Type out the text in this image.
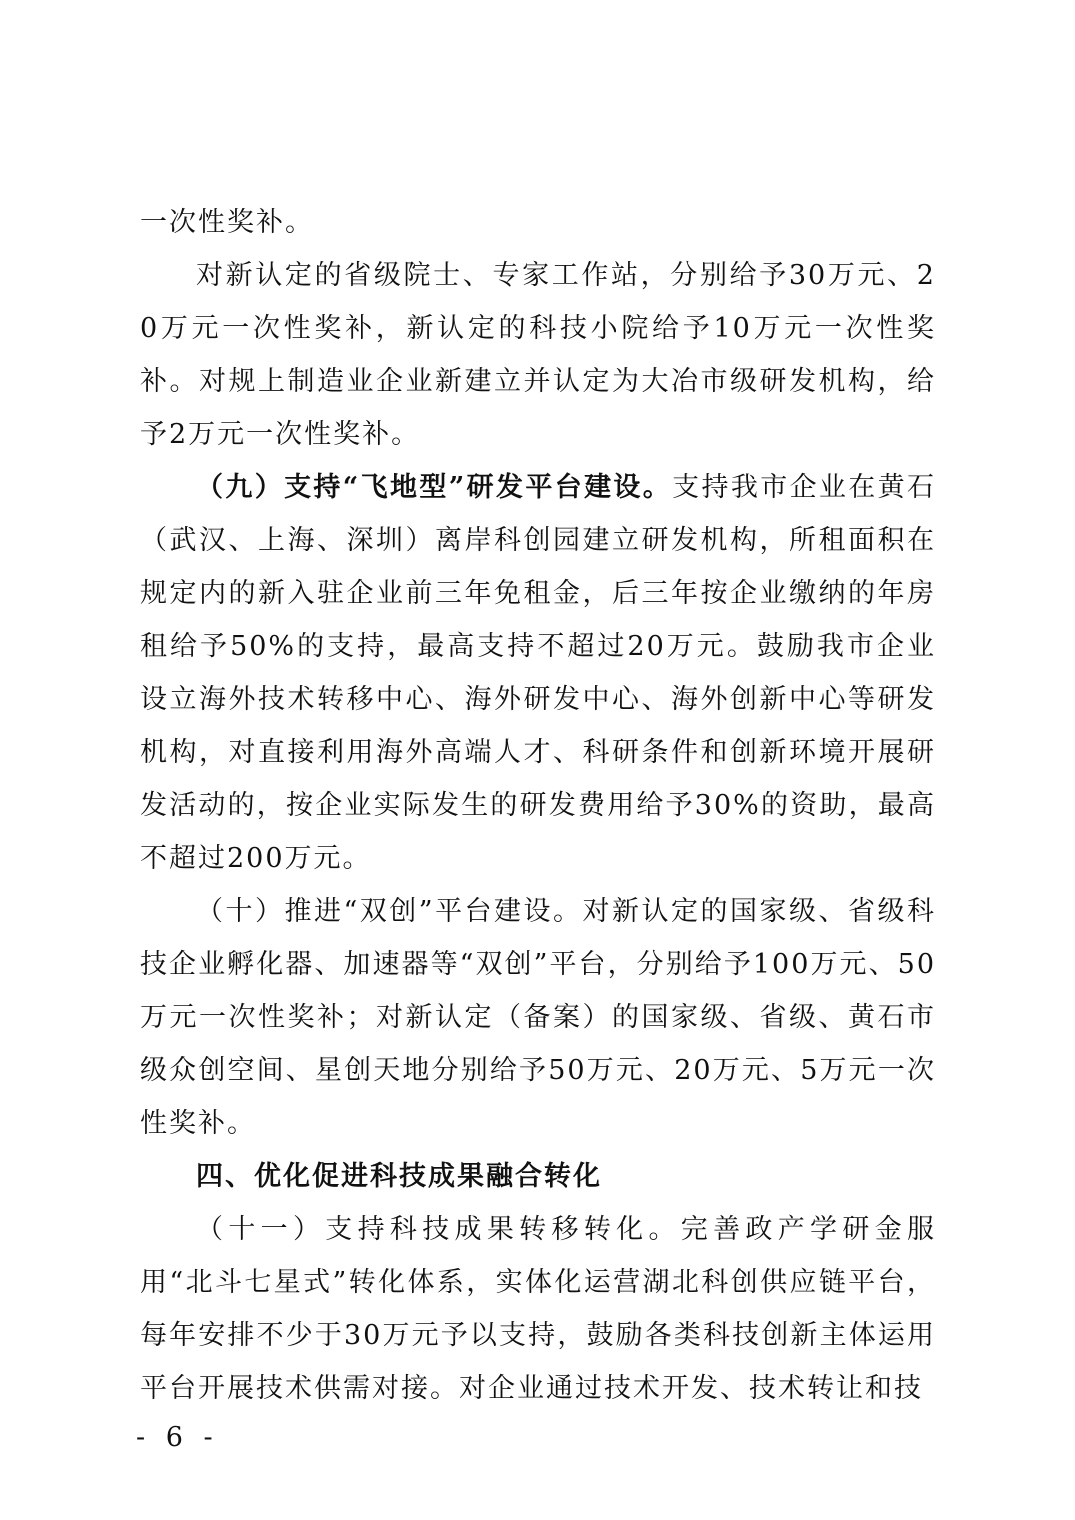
一次性奖补。

对新认定的省级院士、专家工作站，分别给予30万元、20万元一次性奖补，新认定的科技小院给予10万元一次性奖补。对规上制造业企业新建立并认定为大冶市级研发机构，给予2万元一次性奖补。

（九）支持“飞地型”研发平台建设。支持我市企业在黄石（武汉、上海、深圳）离岸科创园建立研发机构，所租面积在规定内的新入驻企业前三年免租金，后三年按企业缴纳的年房租给予50%的支持，最高支持不超过20万元。鼓励我市企业设立海外技术转移中心、海外研发中心、海外创新中心等研发机构，对直接利用海外高端人才、科研条件和创新环境开展研发活动的，按企业实际发生的研发费用给予30%的资助，最高不超过200万元。

（十）推进“双创”平台建设。对新认定的国家级、省级科技企业孵化器、加速器等“双创”平台，分别给予100万元、50万元一次性奖补；对新认定（备案）的国家级、省级、黄石市级众创空间、星创天地分别给予50万元、20万元、5万元一次性奖补。

四、优化促进科技成果融合转化

（十一）支持科技成果转移转化。完善政产学研金服用“北斗七星式”转化体系，实体化运营湖北科创供应链平台，每年安排不少于30万元予以支持，鼓励各类科技创新主体运用平台开展技术供需对接。对企业通过技术开发、技术转让和技

- 6 -
